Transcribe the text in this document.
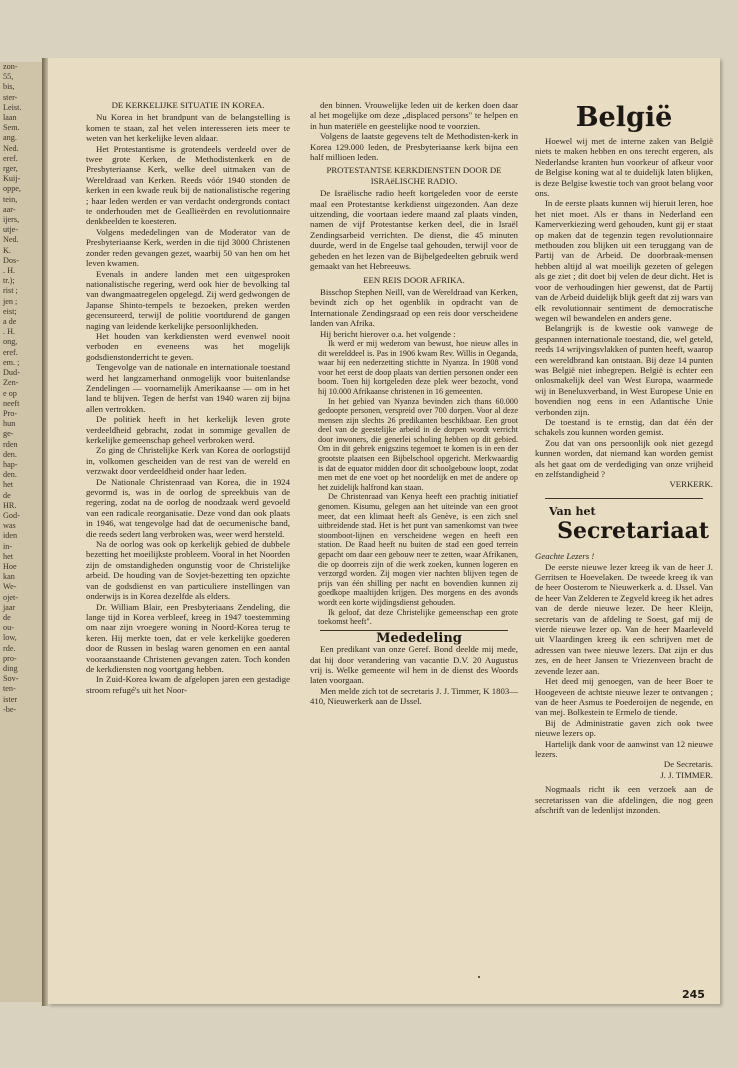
zon-
55,
bis,
ster-
Leist.
laan
Sem.
ang.
Ned.
eref.
rger,
Kuij-
oppe,
tein,
aar-
ijers,
utje-
Ned.
K.
Dos-
. H.
tr.);
rist ;
jen ;
eist;
a de
. H.
ong,
eref.
em. ;
Dud-
Zen-
e op
neeft
Pro-
hun
ge-
rden
den.
hap-
den.
het
de
HR.
God-
was
iden
in-
het
Hoe
kan
We-
ojet-
jaar
de
ou-
low,
rde.
pro-
ding
Sov-
ten-
ister
-be-

DE KERKELIJKE SITUATIE IN KOREA.

Nu Korea in het brandpunt van de belangstelling is komen te staan, zal het velen interesseren iets meer te weten van het kerkelijke leven aldaar.

Het Protestantisme is grotendeels verdeeld over de twee grote Kerken, de Methodistenkerk en de Presbyteriaanse Kerk, welke deel uitmaken van de Wereldraad van Kerken. Reeds vóór 1940 stonden de kerken in een kwade reuk bij de nationalistische regering ; haar leden werden er van verdacht ondergronds contact te onderhouden met de Geallieërden en revolutionnaire denkbeelden te koesteren.

Volgens mededelingen van de Moderator van de Presbyteriaanse Kerk, werden in die tijd 3000 Christenen zonder reden gevangen gezet, waarbij 50 van hen om het leven kwamen.

Evenals in andere landen met een uitgesproken nationalistische regering, werd ook hier de bevolking tal van dwangmaatregelen opgelegd. Zij werd gedwongen de Japanse Shinto-tempels te bezoeken, preken werden gecensureerd, terwijl de politie voortdurend de gangen naging van leidende kerkelijke persoonlijkheden.

Het houden van kerkdiensten werd evenwel nooit verboden en eveneens was het mogelijk godsdienstonderricht te geven.

Tengevolge van de nationale en internationale toestand werd het langzamerhand onmogelijk voor buitenlandse Zendelingen — voornamelijk Amerikaanse — om in het land te blijven. Tegen de herfst van 1940 waren zij bijna allen vertrokken.

De politiek heeft in het kerkelijk leven grote verdeeldheid gebracht, zodat in sommige gevallen de kerkelijke gemeenschap geheel verbroken werd.

Zo ging de Christelijke Kerk van Korea de oorlogstijd in, volkomen gescheiden van de rest van de wereld en verzwakt door verdeeldheid onder haar leden.

De Nationale Christenraad van Korea, die in 1924 gevormd is, was in de oorlog de spreekbuis van de regering, zodat na de oorlog de noodzaak werd gevoeld van een radicale reorganisatie. Deze vond dan ook plaats in 1946, wat tengevolge had dat de oecumenische band, die reeds sedert lang verbroken was, weer werd hersteld.

Na de oorlog was ook op kerkelijk gebied de dubbele bezetting het moeilijkste probleem. Vooral in het Noorden zijn de omstandigheden ongunstig voor de Christelijke arbeid. De houding van de Sovjet-bezetting ten opzichte van de godsdienst en van particuliere instellingen van onderwijs is in Korea dezelfde als elders.

Dr. William Blair, een Presbyteriaans Zendeling, die lange tijd in Korea verbleef, kreeg in 1947 toestemming om naar zijn vroegere woning in Noord-Korea terug te keren. Hij merkte toen, dat er vele kerkelijke goederen door de Russen in beslag waren genomen en een aantal vooraanstaande Christenen gevangen zaten. Toch konden de kerkdiensten nog voortgang hebben.

In Zuid-Korea kwam de afgelopen jaren een gestadige stroom refugé's uit het Noor-

den binnen. Vrouwelijke leden uit de kerken doen daar al het mogelijke om deze „displaced persons" te helpen en in hun materiële en geestelijke nood te voorzien.

Volgens de laatste gegevens telt de Methodisten-kerk in Korea 129.000 leden, de Presbyteriaanse kerk bijna een half millioen leden.

PROTESTANTSE KERKDIENSTEN DOOR DE ISRAëLISCHE RADIO.

De Israëlische radio heeft kortgeleden voor de eerste maal een Protestantse kerkdienst uitgezonden. Aan deze uitzending, die voortaan iedere maand zal plaats vinden, namen de vijf Protestantse kerken deel, die in Israël Zendingsarbeid verrichten. De dienst, die 45 minuten duurde, werd in de Engelse taal gehouden, terwijl voor de gebeden en het lezen van de Bijbelgedeelten gebruik werd gemaakt van het Hebreeuws.

EEN REIS DOOR AFRIKA.

Bisschop Stephen Neill, van de Wereldraad van Kerken, bevindt zich op het ogenblik in opdracht van de Internationale Zendingsraad op een reis door verscheidene landen van Afrika.

Hij bericht hierover o.a. het volgende :

Ik werd er mij wederom van bewust, hoe nieuw alles in dit werelddeel is. Pas in 1906 kwam Rev. Willis in Oeganda, waar hij een nederzetting stichtte in Nyanza. In 1908 vond voor het eerst de doop plaats van dertien personen onder een boom. Toen hij kortgeleden deze plek weer bezocht, vond hij 10.000 Afrikaanse christenen in 16 gemeenten.

In het gebied van Nyanza bevinden zich thans 60.000 gedoopte personen, verspreid over 700 dorpen. Voor al deze mensen zijn slechts 26 predikanten beschikbaar. Een groot deel van de geestelijke arbeid in de dorpen wordt verricht door inwoners, die generlei scholing hebben op dit gebied. Om in dit gebrek enigszins tegemoet te komen is in een der grootste plaatsen een Bijbelschool opgericht. Merkwaardig is dat de equator midden door dit schoolgebouw loopt, zodat men met de ene voet op het noordelijk en met de andere op het zuidelijk halfrond kan staan.

De Christenraad van Kenya heeft een prachtig initiatief genomen. Kisumu, gelegen aan het uiteinde van een groot meer, dat een klimaat heeft als Genève, is een zich snel uitbreidende stad. Het is het punt van samenkomst van twee stoomboot-lijnen en verscheidene wegen en heeft een station. De Raad heeft nu buiten de stad een goed terrein gepacht om daar een gebouw neer te zetten, waar Afrikanen, die op doorreis zijn of die werk zoeken, kunnen logeren en verzorgd worden. Zij mogen vier nachten blijven tegen de prijs van één shilling per nacht en bovendien kunnen zij goedkope maaltijden krijgen. Des morgens en des avonds wordt een korte wijdingsdienst gehouden.

Ik geloof, dat deze Christelijke gemeenschap een grote toekomst heeft".

Mededeling

Een predikant van onze Geref. Bond deelde mij mede, dat hij door verandering van vacantie D.V. 20 Augustus vrij is. Welke gemeente wil hem in de dienst des Woords laten voorgaan.

Men melde zich tot de secretaris J. J. Timmer, K 1803—410, Nieuwerkerk aan de IJssel.

België

Hoewel wij met de interne zaken van België niets te maken hebben en ons terecht ergeren, als Nederlandse kranten hun voorkeur of afkeur voor de Belgise koning wat al te duidelijk laten blijken, is deze Belgise kwestie toch van groot belang voor ons.

In de eerste plaats kunnen wij hieruit leren, hoe het niet moet. Als er thans in Nederland een Kamerverkiezing werd gehouden, kunt gij er staat op maken dat de tegenzin tegen revolutionnaire methouden zou blijken uit een teruggang van de Partij van de Arbeid. De doorbraak-mensen hebben altijd al wat moeilijk gezeten of gelegen als ge ziet ; dit doet bij velen de deur dicht. Het is voor de verhoudingen hier gewenst, dat de Partij van de Arbeid duidelijk blijk geeft dat zij wars van elk revolutionnair sentiment de democratische wegen wil bewandelen en anders gene.

Belangrijk is de kwestie ook vanwege de gespannen internationale toestand, die, wel geteld, reeds 14 wrijvingsvlakken of punten heeft, waarop een wereldbrand kan ontstaan. Bij deze 14 punten was België niet inbegrepen. België is echter een onlosmakelijk deel van West Europa, waarmede wij in Beneluxverband, in West Europese Unie en bovendien nog eens in een Atlantische Unie verbonden zijn.

De toestand is te ernstig, dan dat één der schakels zou kunnen worden gemist.

Zou dat van ons persoonlijk ook niet gezegd kunnen worden, dat niemand kan worden gemist als het gaat om de verdediging van onze vrijheid en zelfstandigheid ?

VERKERK.

Van het
Secretariaat

Geachte Lezers !

De eerste nieuwe lezer kreeg ik van de heer J. Gerritsen te Hoevelaken. De tweede kreeg ik van de heer Oosterom te Nieuwerkerk a. d. IJssel. Van de heer Van Zelderen te Zegveld kreeg ik het adres van de derde nieuwe lezer. De heer Kleijn, secretaris van de afdeling te Soest, gaf mij de vierde nieuwe lezer op. Van de heer Maarleveld uit Vlaardingen kreeg ik een schrijven met de adressen van twee nieuwe lezers. Dat zijn er dus zes, en de heer Jansen te Vriezenveen bracht de zevende lezer aan.

Het deed mij genoegen, van de heer Boer te Hoogeveen de achtste nieuwe lezer te ontvangen ; van de heer Asmus te Poederoijen de negende, en van mej. Bolkestein te Ermelo de tiende.

Bij de Administratie gaven zich ook twee nieuwe lezers op.

Hartelijk dank voor de aanwinst van 12 nieuwe lezers.

De Secretaris.

J. J. TIMMER.

Nogmaals richt ik een verzoek aan de secretarissen van die afdelingen, die nog geen afschrift van de ledenlijst inzonden.

245
